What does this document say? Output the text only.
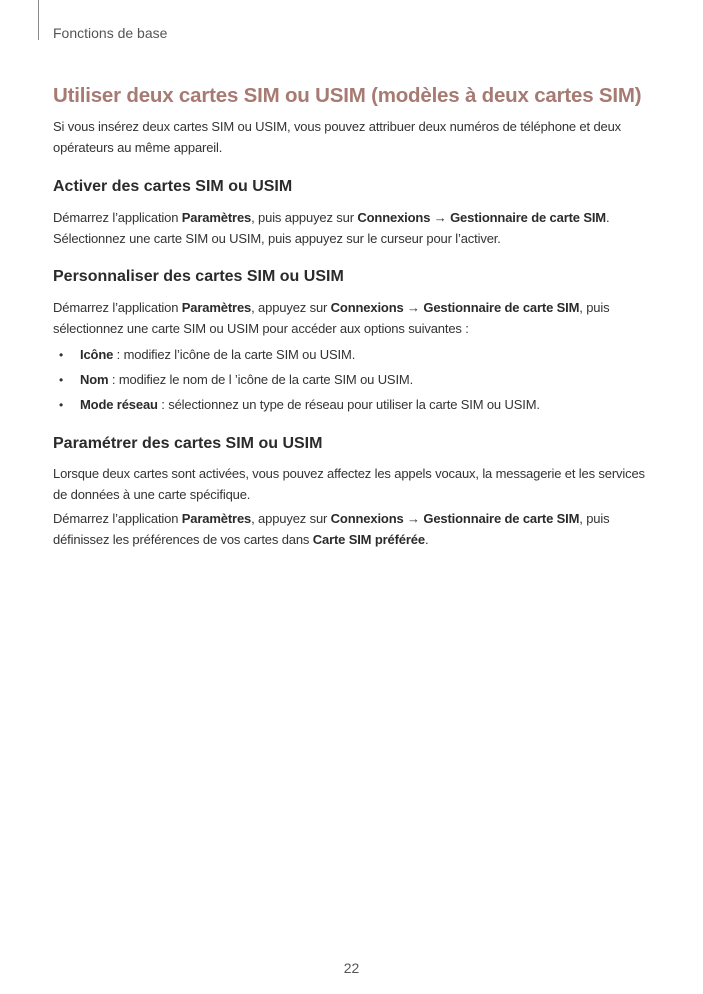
Fonctions de base
Utiliser deux cartes SIM ou USIM (modèles à deux cartes SIM)

Si vous insérez deux cartes SIM ou USIM, vous pouvez attribuer deux numéros de téléphone et deux opérateurs au même appareil.

Activer des cartes SIM ou USIM

Démarrez l’application Paramètres, puis appuyez sur Connexions → Gestionnaire de carte SIM.

Sélectionnez une carte SIM ou USIM, puis appuyez sur le curseur pour l’activer.

Personnaliser des cartes SIM ou USIM

Démarrez l’application Paramètres, appuyez sur Connexions → Gestionnaire de carte SIM, puis sélectionnez une carte SIM ou USIM pour accéder aux options suivantes :

• Icône : modifiez l’icône de la carte SIM ou USIM.
• Nom : modifiez le nom de l ’icône de la carte SIM ou USIM.
• Mode réseau : sélectionnez un type de réseau pour utiliser la carte SIM ou USIM.
Paramétrer des cartes SIM ou USIM

Lorsque deux cartes sont activées, vous pouvez affectez les appels vocaux, la messagerie et les services de données à une carte spécifique.

Démarrez l’application Paramètres, appuyez sur Connexions → Gestionnaire de carte SIM, puis définissez les préférences de vos cartes dans Carte SIM préférée.

22
